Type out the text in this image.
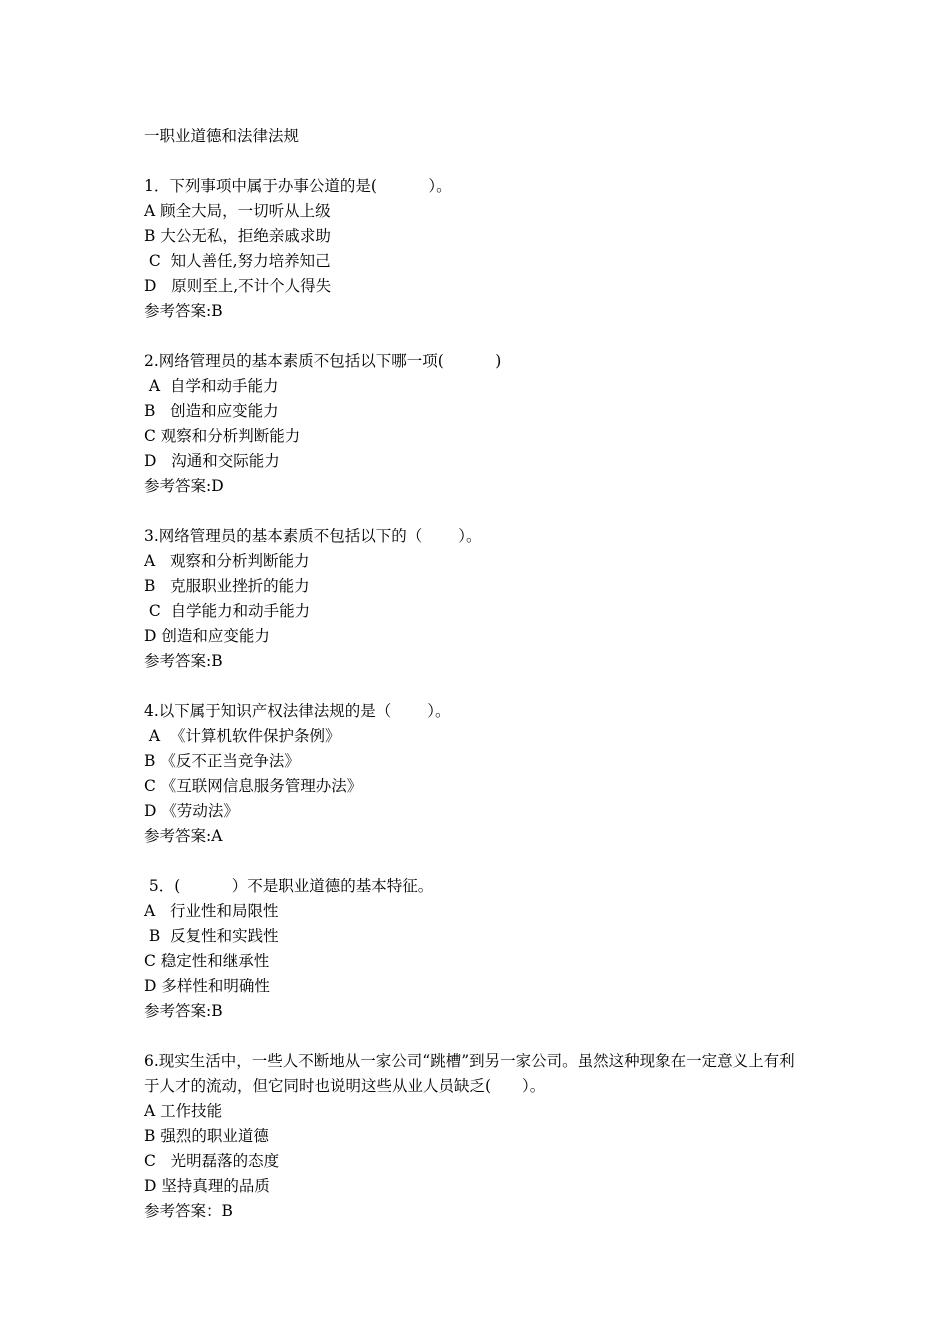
一职业道德和法律法规
1．下列事项中属于办事公道的是(　　　 ）。
A 顾全大局，一切听从上级
B 大公无私，拒绝亲戚求助
C  知人善任,努力培养知己
D   原则至上,不计个人得失
参考答案:B
2.网络管理员的基本素质不包括以下哪一项(　　　 )
A  自学和动手能力
B   创造和应变能力
C 观察和分析判断能力
D   沟通和交际能力
参考答案:D
3.网络管理员的基本素质不包括以下的（　　 ）。
A   观察和分析判断能力
B   克服职业挫折的能力
C  自学能力和动手能力
D 创造和应变能力
参考答案:B
4.以下属于知识产权法律法规的是（　　 ）。
A  《计算机软件保护条例》
B 《反不正当竞争法》
C 《互联网信息服务管理办法》
D 《劳动法》
参考答案:A
5．(　　　 ）不是职业道德的基本特征。
A   行业性和局限性
B  反复性和实践性
C 稳定性和继承性
D 多样性和明确性
参考答案:B
6.现实生活中，一些人不断地从一家公司“跳槽”到另一家公司。虽然这种现象在一定意义上有利于人才的流动，但它同时也说明这些从业人员缺乏(　　）。
A 工作技能
B 强烈的职业道德
C   光明磊落的态度
D 坚持真理的品质
参考答案：B
